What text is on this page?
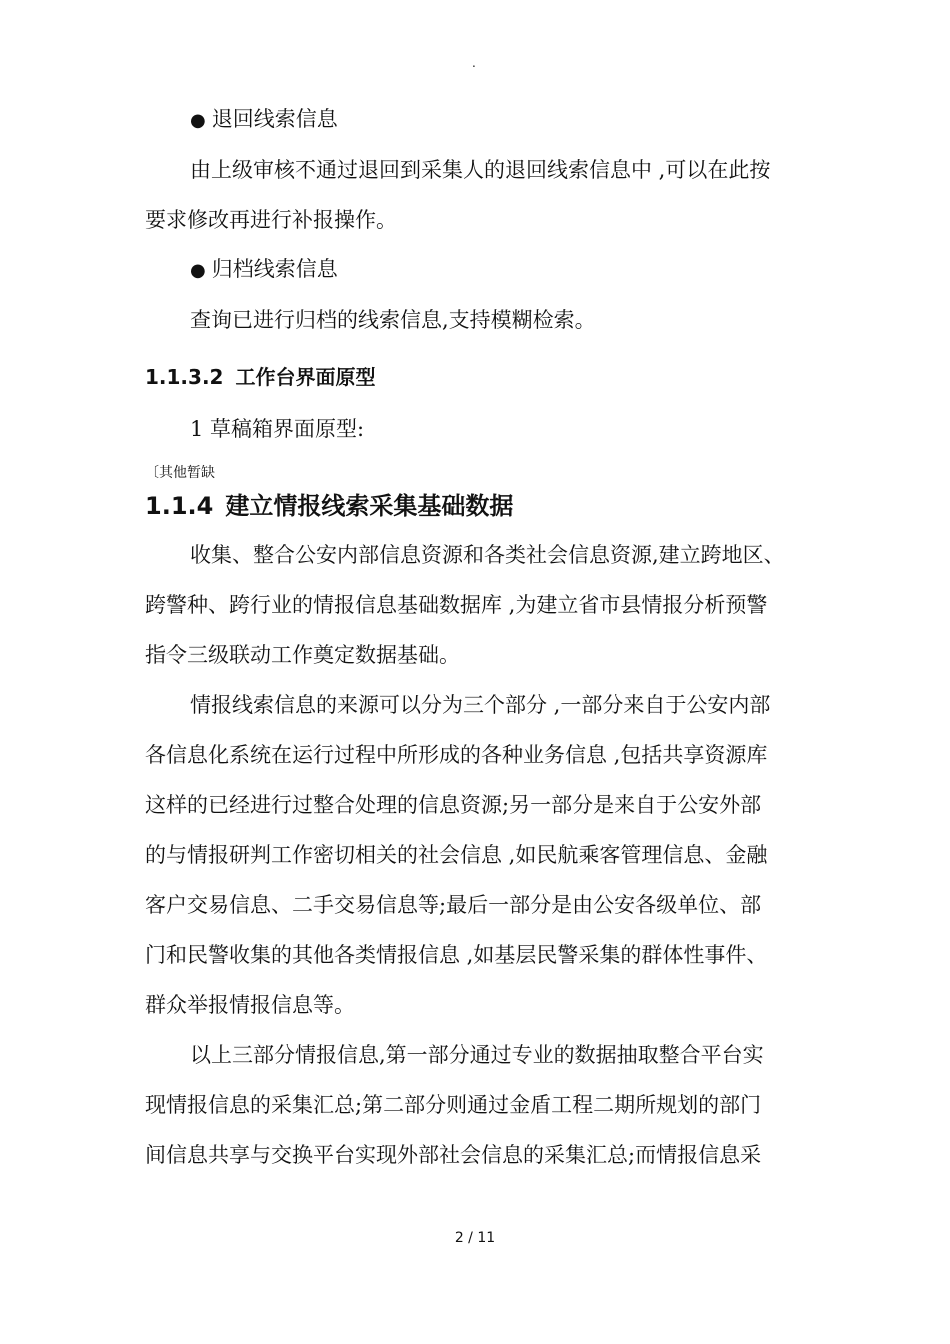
.
● 退回线索信息
由上级审核不通过退回到采集人的退回线索信息中 ,可以在此按
要求修改再进行补报操作。
● 归档线索信息
查询已进行归档的线索信息,支持模糊检索。
1.1.3.2 工作台界面原型
1 草稿箱界面原型:
〔其他暂缺
1.1.4 建立情报线索采集基础数据
收集、整合公安内部信息资源和各类社会信息资源,建立跨地区、
跨警种、跨行业的情报信息基础数据库 ,为建立省市县情报分析预警
指令三级联动工作奠定数据基础。
情报线索信息的来源可以分为三个部分 ,一部分来自于公安内部
各信息化系统在运行过程中所形成的各种业务信息 ,包括共享资源库
这样的已经进行过整合处理的信息资源;另一部分是来自于公安外部
的与情报研判工作密切相关的社会信息 ,如民航乘客管理信息、金融
客户交易信息、二手交易信息等;最后一部分是由公安各级单位、部
门和民警收集的其他各类情报信息 ,如基层民警采集的群体性事件、
群众举报情报信息等。
以上三部分情报信息,第一部分通过专业的数据抽取整合平台实
现情报信息的采集汇总;第二部分则通过金盾工程二期所规划的部门
间信息共享与交换平台实现外部社会信息的采集汇总;而情报信息采
2 / 11
